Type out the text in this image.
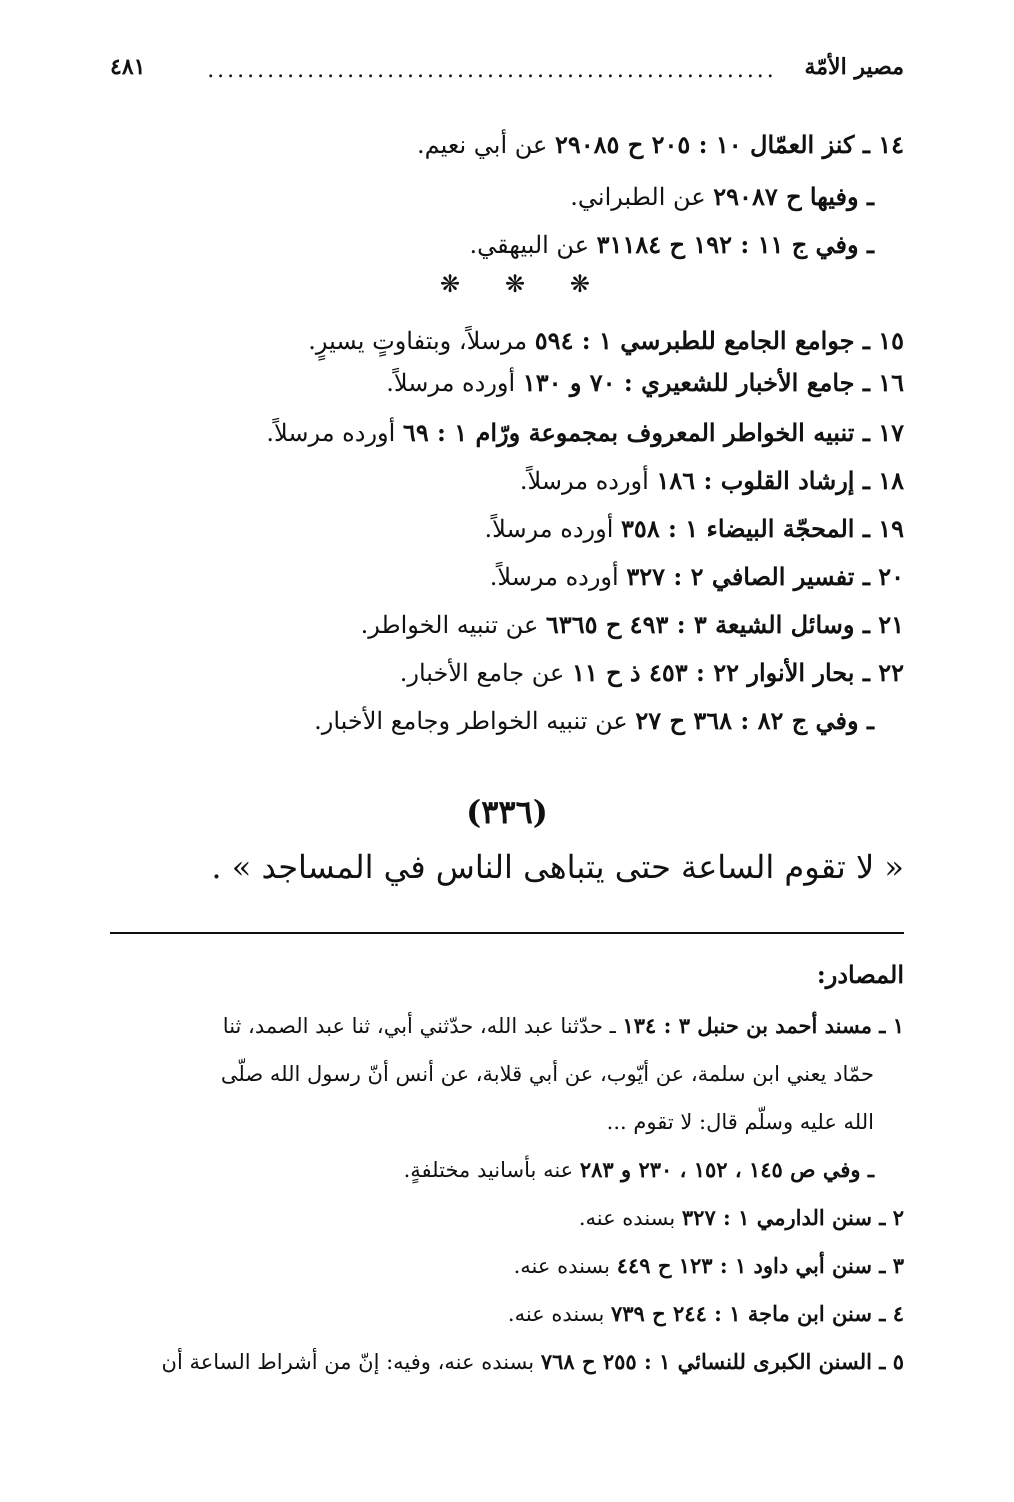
مصير الأمّة
.........................................................
٤٨١
١٤ ـ كنز العمّال ١٠ : ٢٠٥ ح ٢٩٠٨٥ عن أبي نعيم.
ـ وفيها ح ٢٩٠٨٧ عن الطبراني.
ـ وفي ج ١١ : ١٩٢ ح ٣١١٨٤ عن البيهقي.
❋ ❋ ❋
١٥ ـ جوامع الجامع للطبرسي ١ : ٥٩٤ مرسلاً، وبتفاوتٍ يسيرٍ.
١٦ ـ جامع الأخبار للشعيري : ٧٠ و ١٣٠ أورده مرسلاً.
١٧ ـ تنبيه الخواطر المعروف بمجموعة ورّام ١ : ٦٩ أورده مرسلاً.
١٨ ـ إرشاد القلوب : ١٨٦ أورده مرسلاً.
١٩ ـ المحجّة البيضاء ١ : ٣٥٨ أورده مرسلاً.
٢٠ ـ تفسير الصافي ٢ : ٣٢٧ أورده مرسلاً.
٢١ ـ وسائل الشيعة ٣ : ٤٩٣ ح ٦٣٦٥ عن تنبيه الخواطر.
٢٢ ـ بحار الأنوار ٢٢ : ٤٥٣ ذ ح ١١ عن جامع الأخبار.
ـ وفي ج ٨٢ : ٣٦٨ ح ٢٧ عن تنبيه الخواطر وجامع الأخبار.
(٣٣٦)
« لا تقوم الساعة حتى يتباهى الناس في المساجد » .
المصادر:
١ ـ مسند أحمد بن حنبل ٣ : ١٣٤ ـ حدّثنا عبد الله، حدّثني أبي، ثنا عبد الصمد، ثنا
حمّاد يعني ابن سلمة، عن أيّوب، عن أبي قلابة، عن أنس أنّ رسول الله صلّى
الله عليه وسلّم قال: لا تقوم ...
ـ وفي ص ١٤٥ ، ١٥٢ ، ٢٣٠ و ٢٨٣ عنه بأسانيد مختلفةٍ.
٢ ـ سنن الدارمي ١ : ٣٢٧ بسنده عنه.
٣ ـ سنن أبي داود ١ : ١٢٣ ح ٤٤٩ بسنده عنه.
٤ ـ سنن ابن ماجة ١ : ٢٤٤ ح ٧٣٩ بسنده عنه.
٥ ـ السنن الكبرى للنسائي ١ : ٢٥٥ ح ٧٦٨ بسنده عنه، وفيه: إنّ من أشراط الساعة أن
